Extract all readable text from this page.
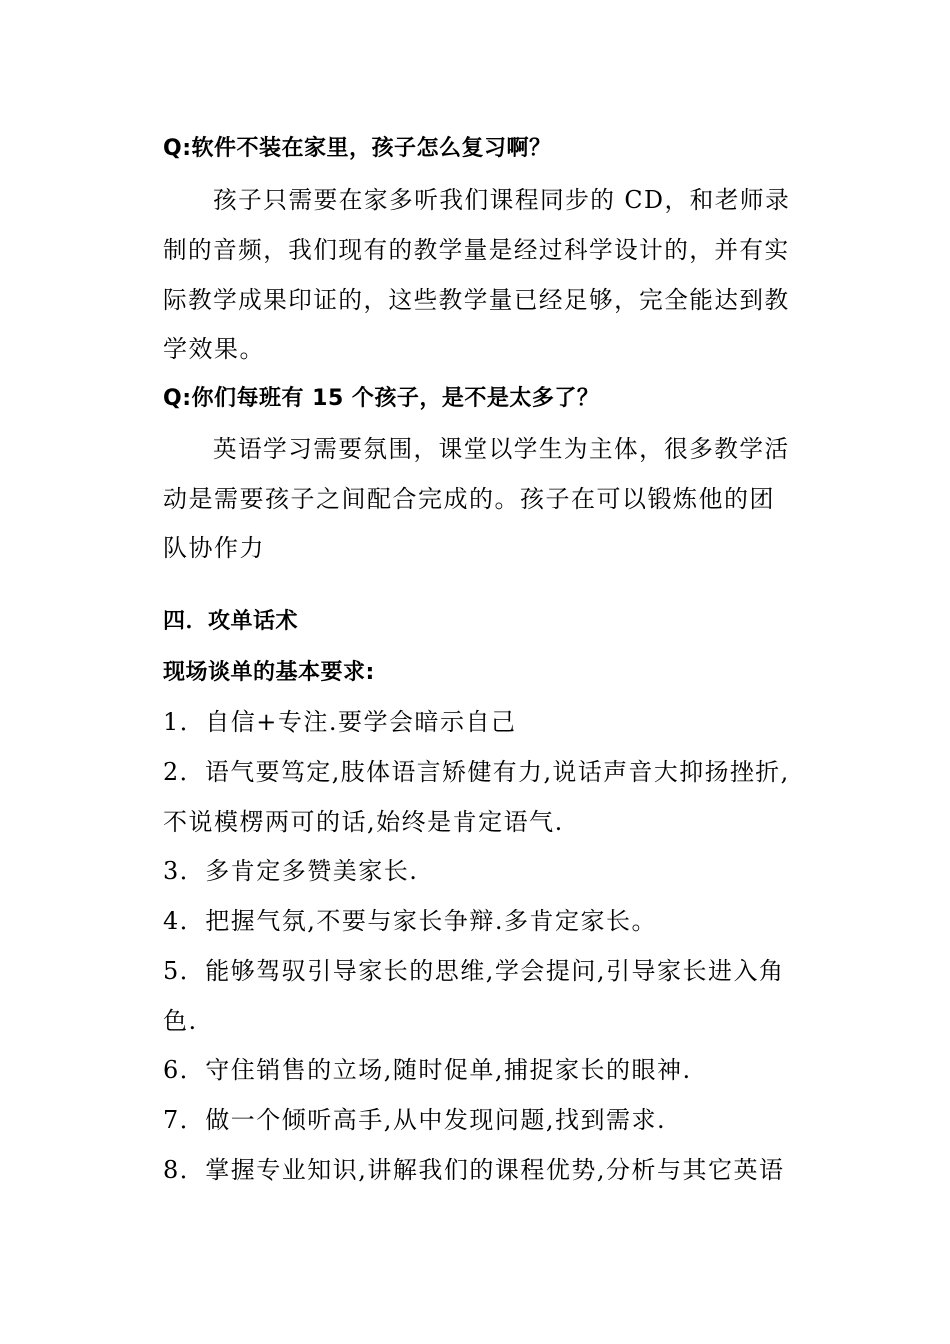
Q:软件不装在家里，孩子怎么复习啊？
孩子只需要在家多听我们课程同步的 CD，和老师录
制的音频，我们现有的教学量是经过科学设计的，并有实
际教学成果印证的，这些教学量已经足够，完全能达到教
学效果。
Q:你们每班有 15 个孩子，是不是太多了？
英语学习需要氛围，课堂以学生为主体，很多教学活
动是需要孩子之间配合完成的。孩子在可以锻炼他的团
队协作力
四．攻单话术
现场谈单的基本要求:
1．自信+专注.要学会暗示自己
2．语气要笃定,肢体语言矫健有力,说话声音大抑扬挫折,
不说模楞两可的话,始终是肯定语气.
3．多肯定多赞美家长.
4．把握气氛,不要与家长争辩.多肯定家长。
5．能够驾驭引导家长的思维,学会提问,引导家长进入角
色.
6．守住销售的立场,随时促单,捕捉家长的眼神.
7．做一个倾听高手,从中发现问题,找到需求.
8．掌握专业知识,讲解我们的课程优势,分析与其它英语
